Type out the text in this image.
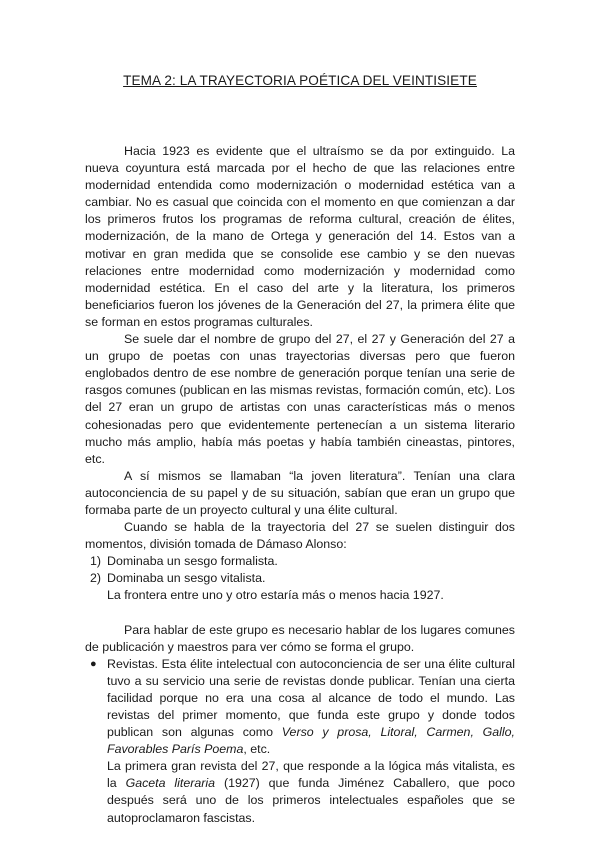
TEMA 2: LA TRAYECTORIA POÉTICA DEL VEINTISIETE

Hacia 1923 es evidente que el ultraísmo se da por extinguido. La nueva coyuntura está marcada por el hecho de que las relaciones entre modernidad entendida como modernización o modernidad estética van a cambiar. No es casual que coincida con el momento en que comienzan a dar los primeros frutos los programas de reforma cultural, creación de élites, modernización, de la mano de Ortega y generación del 14. Estos van a motivar en gran medida que se consolide ese cambio y se den nuevas relaciones entre modernidad como modernización y modernidad como modernidad estética. En el caso del arte y la literatura, los primeros beneficiarios fueron los jóvenes de la Generación del 27, la primera élite que se forman en estos programas culturales.

Se suele dar el nombre de grupo del 27, el 27 y Generación del 27 a un grupo de poetas con unas trayectorias diversas pero que fueron englobados dentro de ese nombre de generación porque tenían una serie de rasgos comunes (publican en las mismas revistas, formación común, etc). Los del 27 eran un grupo de artistas con unas características más o menos cohesionadas pero que evidentemente pertenecían a un sistema literario mucho más amplio, había más poetas y había también cineastas, pintores, etc.

A sí mismos se llamaban “la joven literatura”. Tenían una clara autoconciencia de su papel y de su situación, sabían que eran un grupo que formaba parte de un proyecto cultural y una élite cultural.

Cuando se habla de la trayectoria del 27 se suelen distinguir dos momentos, división tomada de Dámaso Alonso:

1) Dominaba un sesgo formalista.
2) Dominaba un sesgo vitalista.

La frontera entre uno y otro estaría más o menos hacia 1927.

Para hablar de este grupo es necesario hablar de los lugares comunes de publicación y maestros para ver cómo se forma el grupo.

● Revistas. Esta élite intelectual con autoconciencia de ser una élite cultural tuvo a su servicio una serie de revistas donde publicar. Tenían una cierta facilidad porque no era una cosa al alcance de todo el mundo. Las revistas del primer momento, que funda este grupo y donde todos publican son algunas como Verso y prosa, Litoral, Carmen, Gallo, Favorables París Poema, etc.

La primera gran revista del 27, que responde a la lógica más vitalista, es la Gaceta literaria (1927) que funda Jiménez Caballero, que poco después será uno de los primeros intelectuales españoles que se autoproclamaron fascistas.
